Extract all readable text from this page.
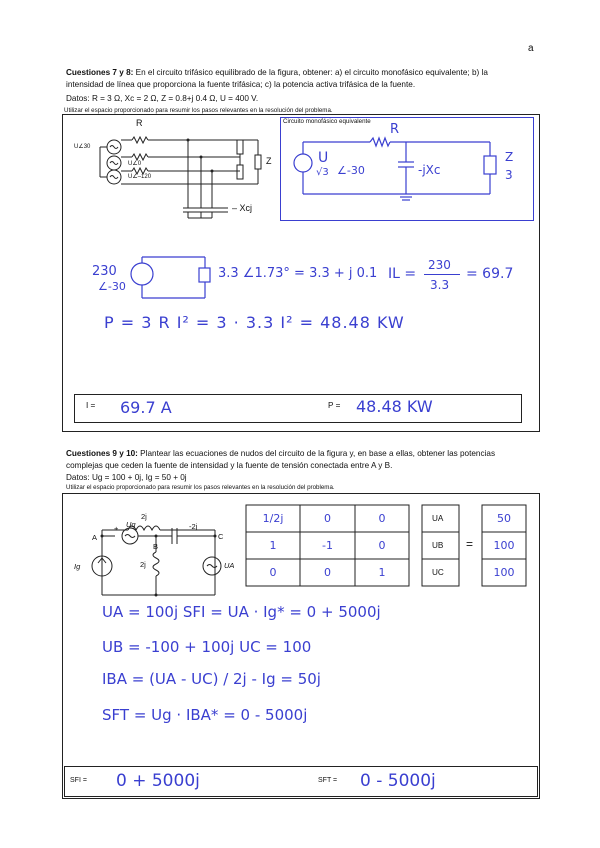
a
Cuestiones 7 y 8: En el circuito trifásico equilibrado de la figura, obtener: a) el circuito monofásico equivalente; b) la
intensidad de línea que proporciona la fuente trifásica; c) la potencia activa trifásica de la fuente.
Datos: R = 3 Ω, Xc = 2 Ω, Z = 0.8+j 0.4 Ω, U = 400 V.
Utilizar el espacio proporcionado para resumir los pasos relevantes en la resolución del problema.
R
Z
– Xcj
U∠30
U∠0
U∠–120
Circuito monofásico equivalente
R
U
√3 ∠-30	-jXc
Z
3
230
∠-30
3.3 ∠1.73° = 3.3 + j 0.1 IL =
230
3.3
= 69.7
P = 3 R I² = 3 · 3.3 I² = 48.48 KW
I = 69.7 A	P = 48.48 KW
Cuestiones 9 y 10: Plantear las ecuaciones de nudos del circuito de la figura y, en base a ellas, obtener las potencias
complejas que ceden la fuente de intensidad y la fuente de tensión conectada entre A y B.
Datos: Ug = 100 + 0j, Ig = 50 + 0j
Utilizar el espacio proporcionado para resumir los pasos relevantes en la resolución del problema.
2j
-2j
2j
A
B
C
Ug
+
Ig	UA
1/2j	0	0
1	-1	0
0	0	1
UA
UB
UC
=
50
100
100
UA = 100j SFI = UA · Ig* = 0 + 5000j
UB = -100 + 100j UC = 100
IBA = (UA - UC) / 2j - Ig = 50j
SFT = Ug · IBA* = 0 - 5000j
SFI = 0 + 5000j	SFT = 0 - 5000j
